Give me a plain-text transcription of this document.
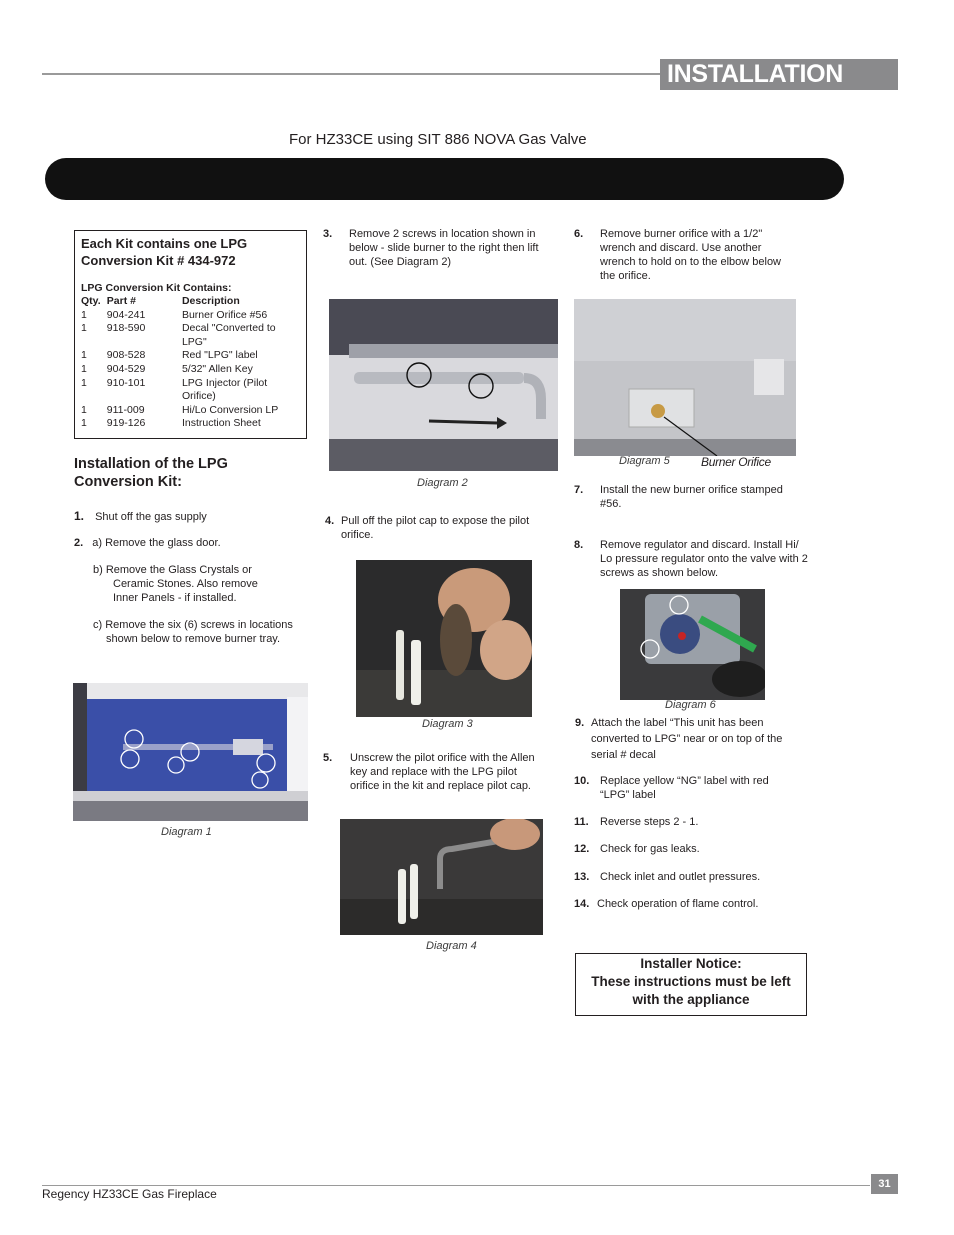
INSTALLATION
For HZ33CE using SIT 886 NOVA Gas Valve
Each Kit contains one LPG Conversion Kit # 434-972
LPG Conversion Kit Contains:
Qty.	Part #	Description
1	904-241	Burner Orifice #56
1	918-590	Decal "Converted to LPG"
1	908-528	Red "LPG" label
1	904-529	5/32" Allen Key
1	910-101	LPG Injector (Pilot Orifice)
1	911-009	Hi/Lo Conversion LP
1	919-126	Instruction Sheet
Installation of the LPG Conversion Kit:
1. Shut off the gas supply
2. a) Remove the glass door.
b) Remove the Glass Crystals or Ceramic Stones. Also remove Inner Panels - if installed.
c) Remove the six (6) screws in locations shown below to remove burner tray.
Diagram 1
3. Remove 2 screws in location shown in below - slide burner to the right then lift out. (See Diagram 2)
Diagram 2
4. Pull off the pilot cap to expose the pilot orifice.
Diagram 3
5. Unscrew the pilot orifice with the Allen key and replace with the LPG pilot orifice in the kit and replace pilot cap.
Diagram 4
6. Remove burner orifice with a 1/2" wrench and discard. Use another wrench to hold on to the elbow below the orifice.
Diagram 5	Burner Orifice
7. Install the new burner orifice stamped #56.
8. Remove regulator and discard. Install Hi/ Lo pressure regulator onto the valve with 2 screws as shown below.
Diagram 6
9. Attach the label “This unit has been converted to LPG” near or on top of the serial # decal
10. Replace yellow “NG” label with red “LPG” label
11. Reverse steps 2 - 1.
12. Check for gas leaks.
13. Check inlet and outlet pressures.
14. Check operation of flame control.
Installer Notice:
These instructions must be left with the appliance
31
Regency HZ33CE Gas Fireplace
